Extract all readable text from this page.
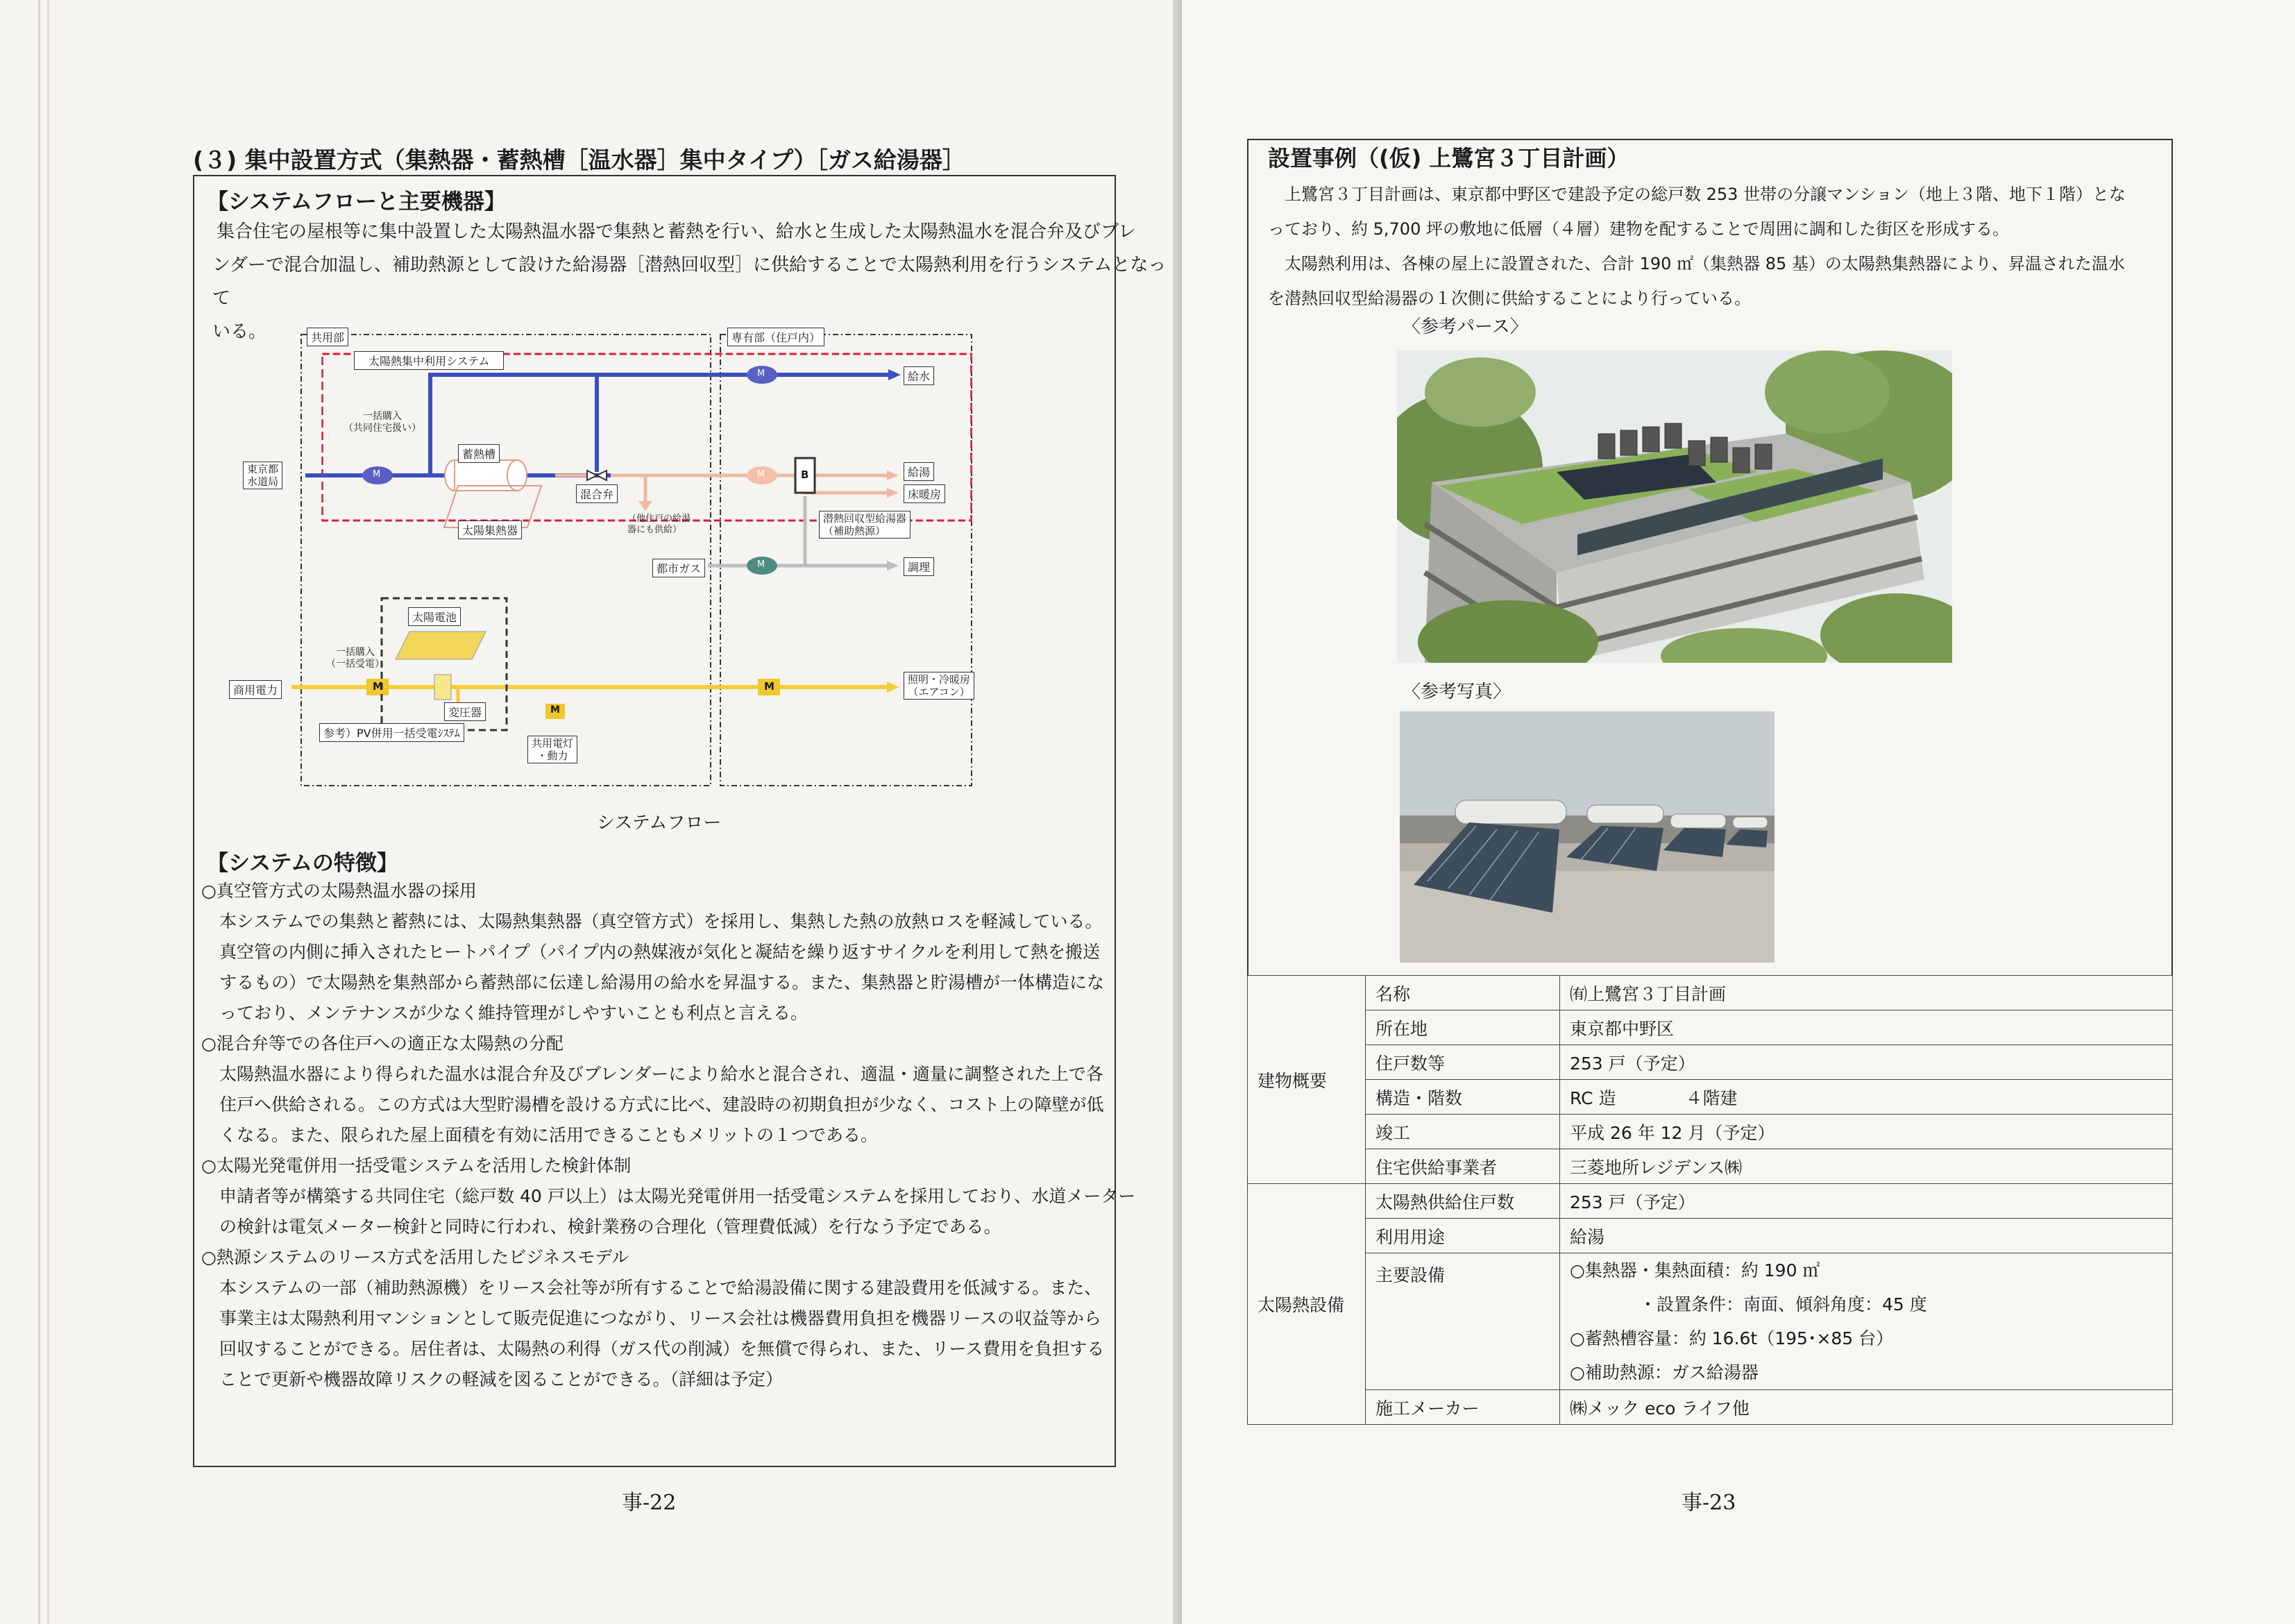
(３) 集中設置方式（集熱器・蓄熱槽［温水器］集中タイプ）［ガス給湯器］
【システムフローと主要機器】
集合住宅の屋根等に集中設置した太陽熱温水器で集熱と蓄熱を行い、給水と生成した太陽熱温水を混合弁及びブレ
ンダーで混合加温し、補助熱源として設けた給湯器［潜熱回収型］に供給することで太陽熱利用を行うシステムとなって
いる。	共用部	専有部（住戸内）
太陽熱集中利用システム
東京都
水道局
一括購入
（共同住宅扱い）
蓄熱槽
太陽集熱器
混合弁
（他住戸の給湯
器にも供給）
給水
給湯
床暖房
潜熱回収型給湯器
（補助熱源）
都市ガス	調理
太陽電池
商用電力
一括購入
（一括受電）
変圧器
参考）PV併用一括受電ｼｽﾃﾑ
共用電灯
・動力
照明・冷暖房
（エアコン）
M
M
M
M
M	M
M
B
システムフロー
【システムの特徴】
○真空管方式の太陽熱温水器の採用
本システムでの集熱と蓄熱には、太陽熱集熱器（真空管方式）を採用し、集熱した熱の放熱ロスを軽減している。
真空管の内側に挿入されたヒートパイプ（パイプ内の熱媒液が気化と凝結を繰り返すサイクルを利用して熱を搬送
するもの）で太陽熱を集熱部から蓄熱部に伝達し給湯用の給水を昇温する。また、集熱器と貯湯槽が一体構造にな
っており、メンテナンスが少なく維持管理がしやすいことも利点と言える。
○混合弁等での各住戸への適正な太陽熱の分配
太陽熱温水器により得られた温水は混合弁及びブレンダーにより給水と混合され、適温・適量に調整された上で各
住戸へ供給される。この方式は大型貯湯槽を設ける方式に比べ、建設時の初期負担が少なく、コスト上の障壁が低
くなる。また、限られた屋上面積を有効に活用できることもメリットの１つである。
○太陽光発電併用一括受電システムを活用した検針体制
申請者等が構築する共同住宅（総戸数 40 戸以上）は太陽光発電併用一括受電システムを採用しており、水道メーター
の検針は電気メーター検針と同時に行われ、検針業務の合理化（管理費低減）を行なう予定である。
○熱源システムのリース方式を活用したビジネスモデル
本システムの一部（補助熱源機）をリース会社等が所有することで給湯設備に関する建設費用を低減する。また、
事業主は太陽熱利用マンションとして販売促進につながり、リース会社は機器費用負担を機器リースの収益等から
回収することができる。居住者は、太陽熱の利得（ガス代の削減）を無償で得られ、また、リース費用を負担する
ことで更新や機器故障リスクの軽減を図ることができる。（詳細は予定）
事-22
設置事例（(仮) 上鷺宮３丁目計画）
上鷺宮３丁目計画は、東京都中野区で建設予定の総戸数 253 世帯の分譲マンション（地上３階、地下１階）とな
っており、約 5,700 坪の敷地に低層（４層）建物を配することで周囲に調和した街区を形成する。
太陽熱利用は、各棟の屋上に設置された、合計 190 ㎡（集熱器 85 基）の太陽熱集熱器により、昇温された温水
を潜熱回収型給湯器の１次側に供給することにより行っている。
〈参考パース〉
〈参考写真〉
建物概要	名称	㈲上鷺宮３丁目計画
	所在地	東京都中野区
	住戸数等	253 戸（予定）
	構造・階数	RC 造　　　　４階建
	竣工	平成 26 年 12 月（予定）
	住宅供給事業者	三菱地所レジデンス㈱
太陽熱設備	太陽熱供給住戸数	253 戸（予定）
	利用用途	給湯
	主要設備	○集熱器・集熱面積：約 190 ㎡
・設置条件：南面、傾斜角度：45 度
○蓄熱槽容量：約 16.6t（195･×85 台）
○補助熱源：ガス給湯器

	施工メーカー	㈱メック eco ライフ他
事-23
